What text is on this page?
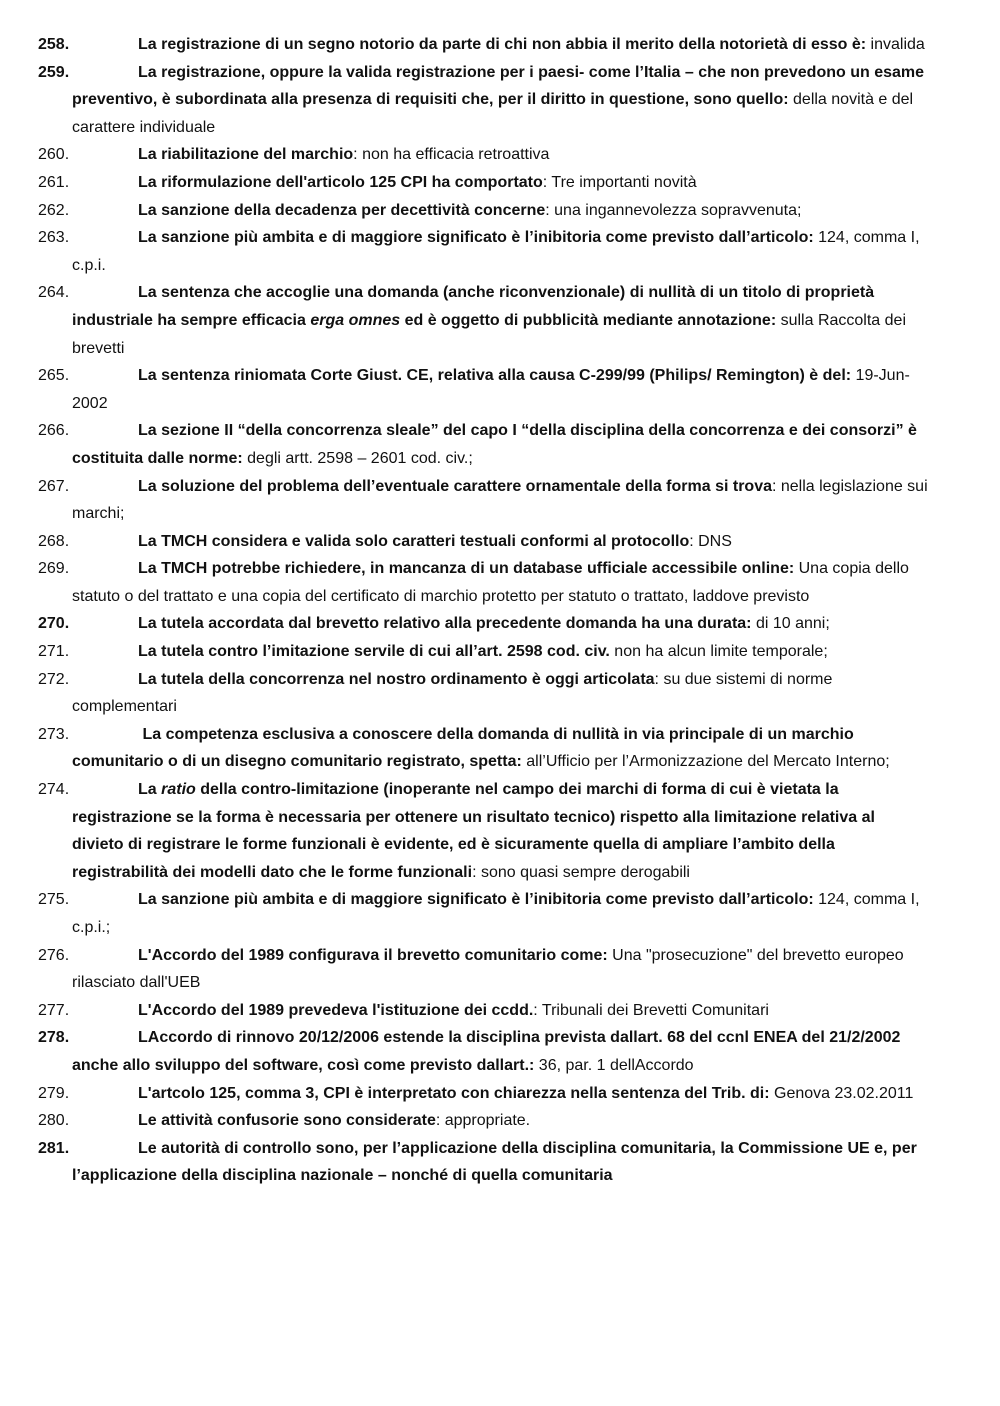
258.	La registrazione di un segno notorio da parte di chi non abbia il merito della notorietà di esso è: invalida

259.	La registrazione, oppure la valida registrazione per i paesi- come l’Italia – che non prevedono un esame preventivo, è subordinata alla presenza di requisiti che, per il diritto in questione, sono quello: della novità e del carattere individuale

260.	La riabilitazione del marchio: non ha efficacia retroattiva

261.	La riformulazione dell'articolo 125 CPI ha comportato: Tre importanti novità

262.	La sanzione della decadenza per decettività concerne: una ingannevolezza sopravvenuta;

263.	La sanzione più ambita e di maggiore significato è l’inibitoria come previsto dall’articolo: 124, comma I, c.p.i.

264.	La sentenza che accoglie una domanda (anche riconvenzionale) di nullità di un titolo di proprietà industriale ha sempre efficacia erga omnes ed è oggetto di pubblicità mediante annotazione: sulla Raccolta dei brevetti

265.	La sentenza riniomata Corte Giust. CE, relativa alla causa C-299/99 (Philips/ Remington) è del: 19-Jun-2002

266.	La sezione II “della concorrenza sleale” del capo I “della disciplina della concorrenza e dei consorzi” è costituita dalle norme: degli artt. 2598 – 2601 cod. civ.;

267.	La soluzione del problema dell’eventuale carattere ornamentale della forma si trova: nella legislazione sui marchi;

268.	La TMCH considera e valida solo caratteri testuali conformi al protocollo: DNS

269.	La TMCH potrebbe richiedere, in mancanza di un database ufficiale accessibile online: Una copia dello statuto o del trattato e una copia del certificato di marchio protetto per statuto o trattato, laddove previsto

270.	La tutela accordata dal brevetto relativo alla precedente domanda ha una durata: di 10 anni;

271.	La tutela contro l’imitazione servile di cui all’art. 2598 cod. civ. non ha alcun limite temporale;

272.	La tutela della concorrenza nel nostro ordinamento è oggi articolata: su due sistemi di norme complementari

273.	La competenza esclusiva a conoscere della domanda di nullità in via principale di un marchio comunitario o di un disegno comunitario registrato, spetta: all’Ufficio per l’Armonizzazione del Mercato Interno;

274.	La ratio della contro-limitazione (inoperante nel campo dei marchi di forma di cui è vietata la registrazione se la forma è necessaria per ottenere un risultato tecnico) rispetto alla limitazione relativa al divieto di registrare le forme funzionali è evidente, ed è sicuramente quella di ampliare l’ambito della registrabilità dei modelli dato che le forme funzionali: sono quasi sempre derogabili

275.	La sanzione più ambita e di maggiore significato è l’inibitoria come previsto dall’articolo: 124, comma I, c.p.i.;

276.	L'Accordo del 1989 configurava il brevetto comunitario come: Una "prosecuzione" del brevetto europeo rilasciato dall'UEB

277.	L'Accordo del 1989 prevedeva l'istituzione dei ccdd.: Tribunali dei Brevetti Comunitari

278.	LAccordo di rinnovo 20/12/2006 estende la disciplina prevista dallart. 68 del ccnl ENEA del 21/2/2002 anche allo sviluppo del software, così come previsto dallart.: 36, par. 1 dellAccordo

279.	L'artcolo 125, comma 3, CPI è interpretato con chiarezza nella sentenza del Trib. di: Genova 23.02.2011

280.	Le attività confusorie sono considerate: appropriate.

281.	Le autorità di controllo sono, per l’applicazione della disciplina comunitaria, la Commissione UE e, per l’applicazione della disciplina nazionale – nonché di quella comunitaria
